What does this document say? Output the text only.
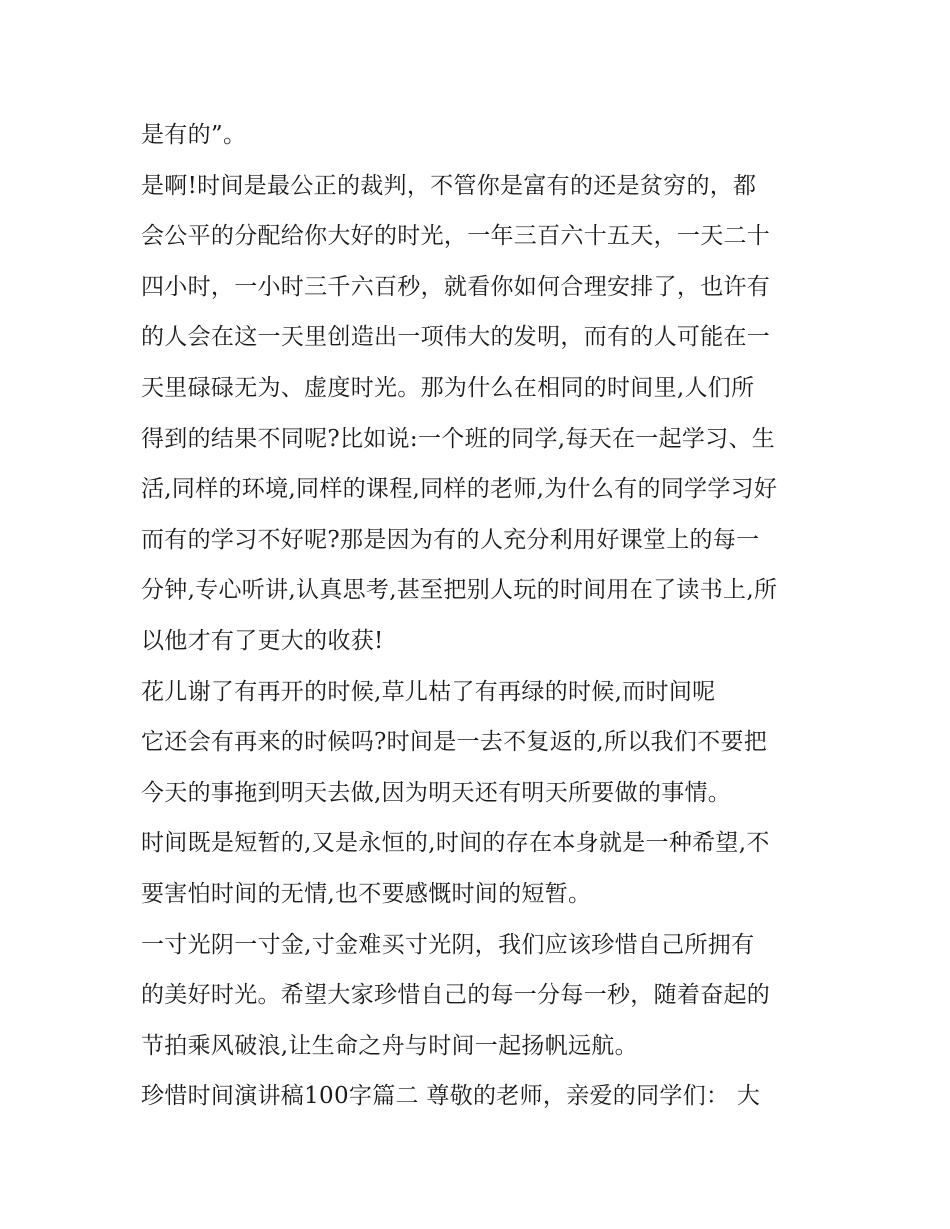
是有的”。
是啊!时间是最公正的裁判，不管你是富有的还是贫穷的，都
会公平的分配给你大好的时光，一年三百六十五天，一天二十
四小时，一小时三千六百秒，就看你如何合理安排了，也许有
的人会在这一天里创造出一项伟大的发明，而有的人可能在一
天里碌碌无为、虚度时光。那为什么在相同的时间里,人们所
得到的结果不同呢?比如说:一个班的同学,每天在一起学习、生
活,同样的环境,同样的课程,同样的老师,为什么有的同学学习好
而有的学习不好呢?那是因为有的人充分利用好课堂上的每一
分钟,专心听讲,认真思考,甚至把别人玩的时间用在了读书上,所
以他才有了更大的收获!
花儿谢了有再开的时候,草儿枯了有再绿的时候,而时间呢
它还会有再来的时候吗?时间是一去不复返的,所以我们不要把
今天的事拖到明天去做,因为明天还有明天所要做的事情。
时间既是短暂的,又是永恒的,时间的存在本身就是一种希望,不
要害怕时间的无情,也不要感慨时间的短暂。
一寸光阴一寸金,寸金难买寸光阴，我们应该珍惜自己所拥有
的美好时光。希望大家珍惜自己的每一分每一秒，随着奋起的
节拍乘风破浪,让生命之舟与时间一起扬帆远航。
珍惜时间演讲稿100字篇二 尊敬的老师，亲爱的同学们： 大
